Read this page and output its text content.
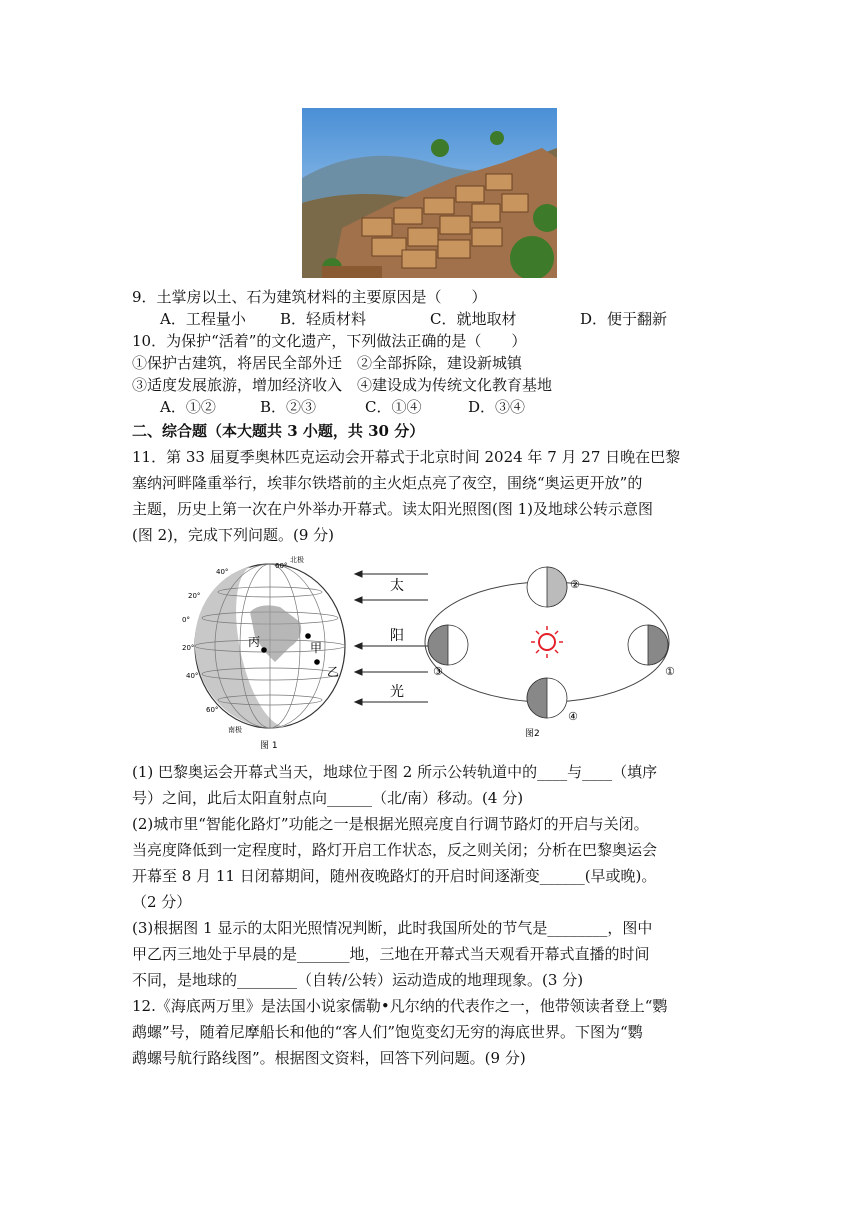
9．土掌房以土、石为建筑材料的主要原因是（　　）
A．工程量小 B．轻质材料	C．就地取材	D．便于翻新
10．为保护“活着”的文化遗产，下列做法正确的是（　　）
①保护古建筑，将居民全部外迁　②全部拆除，建设新城镇
③适度发展旅游，增加经济收入　④建设成为传统文化教育基地
A．①②	B．②③	C．①④	D．③④
二、综合题（本大题共 3 小题，共 30 分）
11．第 33 届夏季奥林匹克运动会开幕式于北京时间 2024 年 7 月 27 日晚在巴黎
塞纳河畔隆重举行，埃菲尔铁塔前的主火炬点亮了夜空，围绕“奥运更开放”的
主题，历史上第一次在户外举办开幕式。读太阳光照图(图 1)及地球公转示意图
(图 2)，完成下列问题。(9 分)
丙	甲
乙
北极
南极
40°
60°
20°
0°
20°
40°
60°
太
阳
光
图 1
②
①
③
④
图2
(1) 巴黎奥运会开幕式当天，地球位于图 2 所示公转轨道中的____与____（填序
号）之间，此后太阳直射点向______（北/南）移动。(4 分)
(2)城市里“智能化路灯”功能之一是根据光照亮度自行调节路灯的开启与关闭。
当亮度降低到一定程度时，路灯开启工作状态，反之则关闭；分析在巴黎奥运会
开幕至 8 月 11 日闭幕期间，随州夜晚路灯的开启时间逐渐变______(早或晚)。
（2 分）
(3)根据图 1 显示的太阳光照情况判断，此时我国所处的节气是________，图中
甲乙丙三地处于早晨的是_______地，三地在开幕式当天观看开幕式直播的时间
不同，是地球的________（自转/公转）运动造成的地理现象。(3 分)
12.《海底两万里》是法国小说家儒勒•凡尔纳的代表作之一，他带领读者登上“鹦
鹉螺”号，随着尼摩船长和他的“客人们”饱览变幻无穷的海底世界。下图为“鹦
鹉螺号航行路线图”。根据图文资料，回答下列问题。(9 分)
